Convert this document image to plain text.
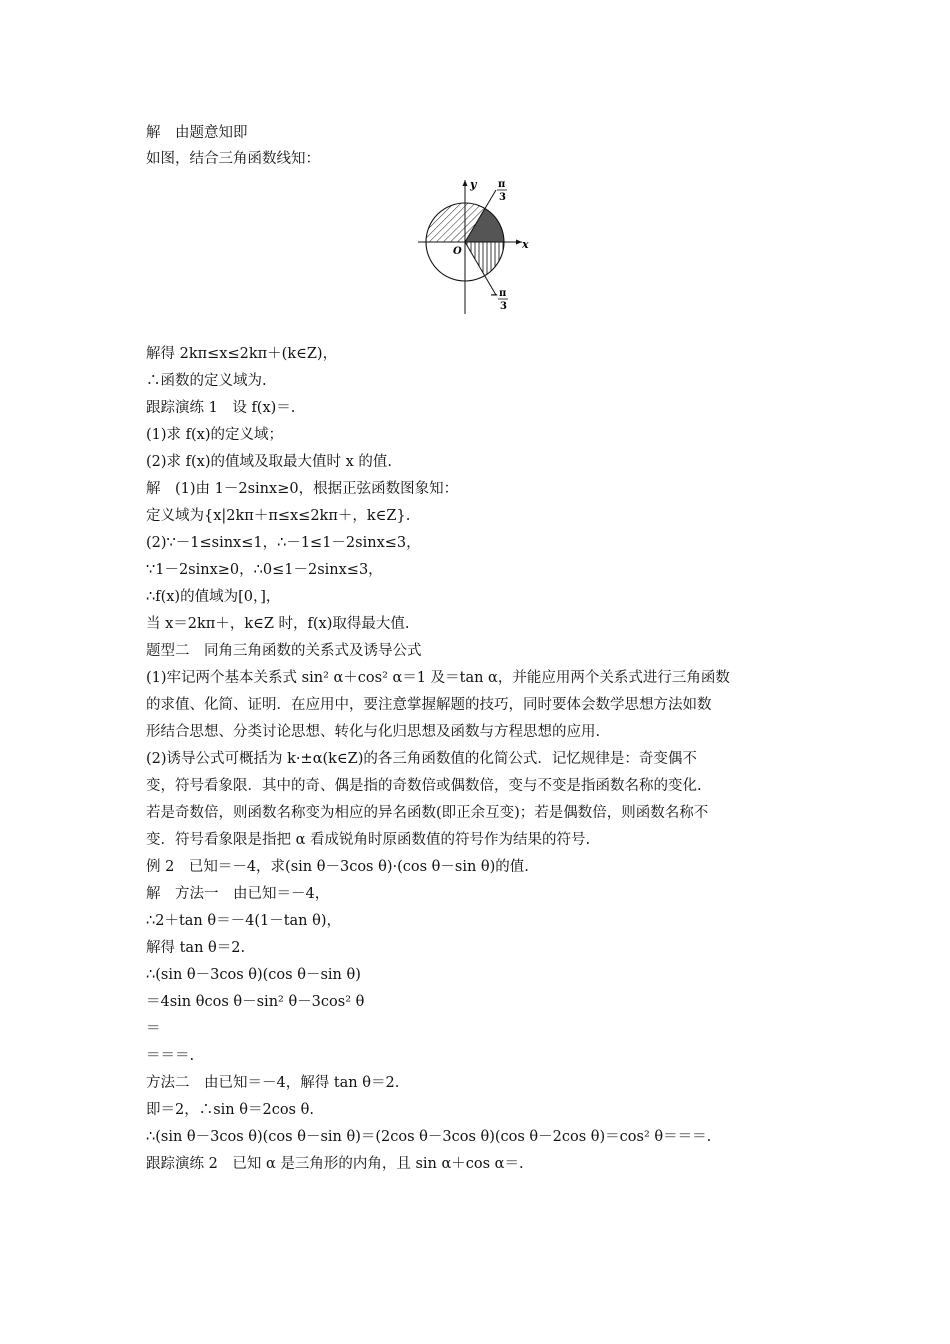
解　由题意知即
如图，结合三角函数线知：
y
x
O
π
3
− π
3
解得 2kπ≤x≤2kπ＋(k∈Z)，
∴函数的定义域为.
跟踪演练 1　设 f(x)＝.
(1)求 f(x)的定义域；
(2)求 f(x)的值域及取最大值时 x 的值.
解　(1)由 1－2sinx≥0，根据正弦函数图象知：
定义域为{x|2kπ＋π≤x≤2kπ＋，k∈Z}.
(2)∵－1≤sinx≤1，∴－1≤1－2sinx≤3，
∵1－2sinx≥0，∴0≤1－2sinx≤3，
∴f(x)的值域为[0，]，
当 x＝2kπ＋，k∈Z 时，f(x)取得最大值.
题型二　同角三角函数的关系式及诱导公式
(1)牢记两个基本关系式 sin² α＋cos² α＝1 及＝tan α，并能应用两个关系式进行三角函数
的求值、化简、证明．在应用中，要注意掌握解题的技巧，同时要体会数学思想方法如数
形结合思想、分类讨论思想、转化与化归思想及函数与方程思想的应用.
(2)诱导公式可概括为 k·±α(k∈Z)的各三角函数值的化简公式．记忆规律是：奇变偶不
变，符号看象限．其中的奇、偶是指的奇数倍或偶数倍，变与不变是指函数名称的变化.
若是奇数倍，则函数名称变为相应的异名函数(即正余互变)；若是偶数倍，则函数名称不
变．符号看象限是指把 α 看成锐角时原函数值的符号作为结果的符号.
例 2　已知＝－4，求(sin θ－3cos θ)·(cos θ－sin θ)的值.
解　方法一　由已知＝－4，
∴2＋tan θ＝－4(1－tan θ)，
解得 tan θ＝2.
∴(sin θ－3cos θ)(cos θ－sin θ)
＝4sin θcos θ－sin² θ－3cos² θ
＝
＝＝＝.
方法二　由已知＝－4，解得 tan θ＝2.
即＝2，∴sin θ＝2cos θ.
∴(sin θ－3cos θ)(cos θ－sin θ)＝(2cos θ－3cos θ)(cos θ－2cos θ)＝cos² θ＝＝＝.
跟踪演练 2　已知 α 是三角形的内角，且 sin α＋cos α＝.
